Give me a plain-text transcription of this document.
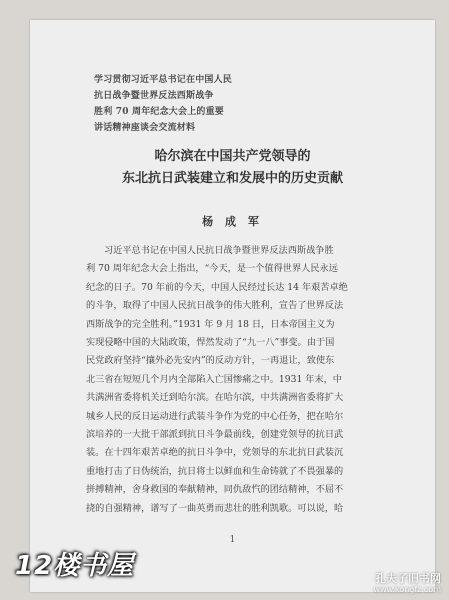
学习贯彻习近平总书记在中国人民
抗日战争暨世界反法西斯战争
胜利 70 周年纪念大会上的重要
讲话精神座谈会交流材料
哈尔滨在中国共产党领导的
东北抗日武装建立和发展中的历史贡献
杨 成 军
习近平总书记在中国人民抗日战争暨世界反法西斯战争胜
利 70 周年纪念大会上指出，“今天，是一个值得世界人民永远
纪念的日子。70 年前的今天，中国人民经过长达 14 年艰苦卓绝
的斗争，取得了中国人民抗日战争的伟大胜利，宣告了世界反法
西斯战争的完全胜利。”1931 年 9 月 18 日，日本帝国主义为
实现侵略中国的大陆政策，悍然发动了“九一八”事变。由于国
民党政府坚持“攘外必先安内”的反动方针，一再退让，致使东
北三省在短短几个月内全部陷入亡国惨痛之中。1931 年末，中
共满洲省委将机关迁到哈尔滨。在哈尔滨，中共满洲省委将扩大
城乡人民的反日运动进行武装斗争作为党的中心任务，把在哈尔
滨培养的一大批干部派到抗日斗争最前线，创建党领导的抗日武
装。在十四年艰苦卓绝的抗日斗争中，党领导的东北抗日武装沉
重地打击了日伪统治，抗日将士以鲜血和生命铸就了不畏强暴的
拼搏精神，舍身救国的奉献精神，同仇敌忾的团结精神，不屈不
挠的自强精神，谱写了一曲英勇而悲壮的胜利凯歌。可以说，哈
1
12楼书屋	孔夫子旧书网
www.kongfz.com
